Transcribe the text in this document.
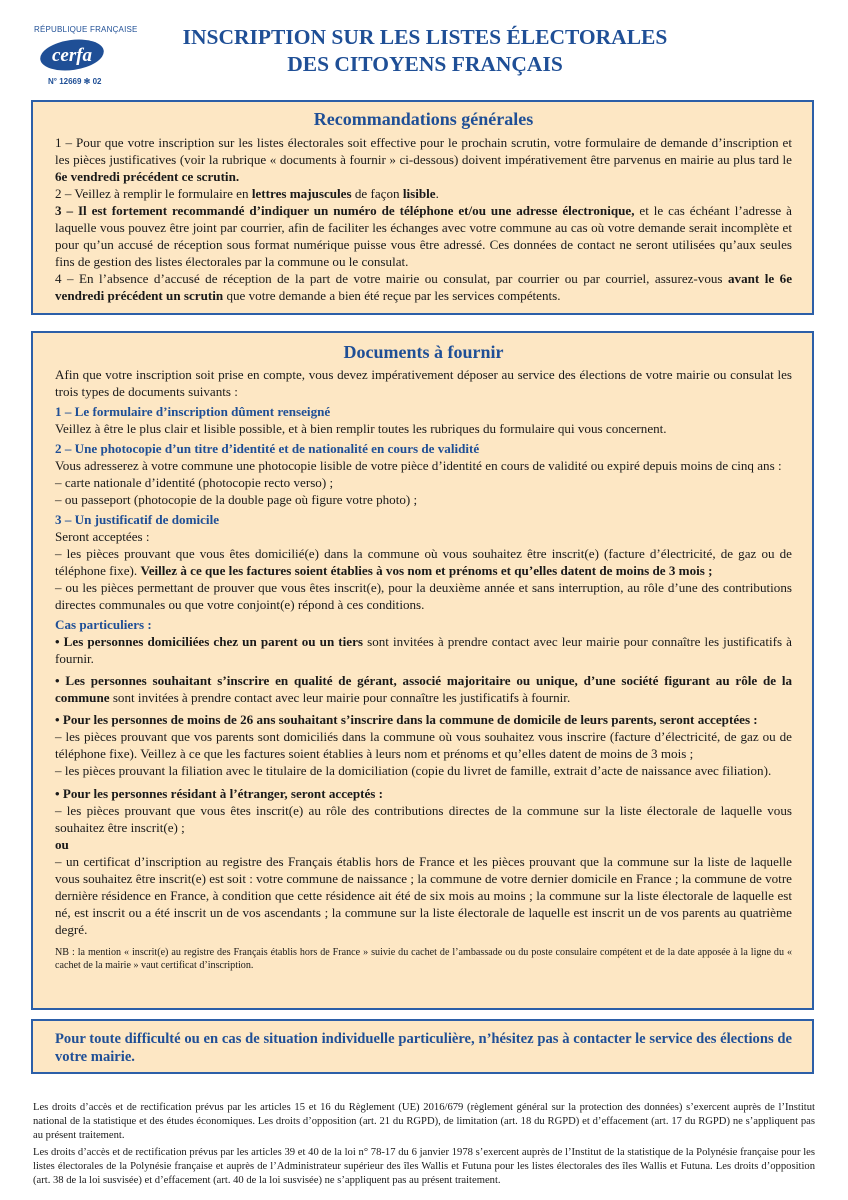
RÉPUBLIQUE FRANÇAISE
cerfa
N° 12669 ✻ 02
INSCRIPTION SUR LES LISTES ÉLECTORALES
DES CITOYENS FRANÇAIS
Recommandations générales

1 – Pour que votre inscription sur les listes électorales soit effective pour le prochain scrutin, votre formulaire de demande d’inscription et les pièces justificatives (voir la rubrique « documents à fournir » ci-dessous) doivent impérativement être parvenus en mairie au plus tard le 6e vendredi précédent ce scrutin.

2 – Veillez à remplir le formulaire en lettres majuscules de façon lisible.

3 – Il est fortement recommandé d’indiquer un numéro de téléphone et/ou une adresse électronique, et le cas échéant l’adresse à laquelle vous pouvez être joint par courrier, afin de faciliter les échanges avec votre commune au cas où votre demande serait incomplète et pour qu’un accusé de réception sous format numérique puisse vous être adressé. Ces données de contact ne seront utilisées qu’aux seules fins de gestion des listes électorales par la commune ou le consulat.

4 – En l’absence d’accusé de réception de la part de votre mairie ou consulat, par courrier ou par courriel, assurez-vous avant le 6e vendredi précédent un scrutin que votre demande a bien été reçue par les services compétents.

Documents à fournir

Afin que votre inscription soit prise en compte, vous devez impérativement déposer au service des élections de votre mairie ou consulat les trois types de documents suivants :

1 – Le formulaire d’inscription dûment renseigné

Veillez à être le plus clair et lisible possible, et à bien remplir toutes les rubriques du formulaire qui vous concernent.

2 – Une photocopie d’un titre d’identité et de nationalité en cours de validité

Vous adresserez à votre commune une photocopie lisible de votre pièce d’identité en cours de validité ou expiré depuis moins de cinq ans :

– carte nationale d’identité (photocopie recto verso) ;

– ou passeport (photocopie de la double page où figure votre photo) ;

3 – Un justificatif de domicile

Seront acceptées :

– les pièces prouvant que vous êtes domicilié(e) dans la commune où vous souhaitez être inscrit(e) (facture d’électricité, de gaz ou de téléphone fixe). Veillez à ce que les factures soient établies à vos nom et prénoms et qu’elles datent de moins de 3 mois ;

– ou les pièces permettant de prouver que vous êtes inscrit(e), pour la deuxième année et sans interruption, au rôle d’une des contributions directes communales ou que votre conjoint(e) répond à ces conditions.

Cas particuliers :

• Les personnes domiciliées chez un parent ou un tiers sont invitées à prendre contact avec leur mairie pour connaître les justificatifs à fournir.

• Les personnes souhaitant s’inscrire en qualité de gérant, associé majoritaire ou unique, d’une société figurant au rôle de la commune sont invitées à prendre contact avec leur mairie pour connaître les justificatifs à fournir.

• Pour les personnes de moins de 26 ans souhaitant s’inscrire dans la commune de domicile de leurs parents, seront acceptées :

– les pièces prouvant que vos parents sont domiciliés dans la commune où vous souhaitez vous inscrire (facture d’électricité, de gaz ou de téléphone fixe). Veillez à ce que les factures soient établies à leurs nom et prénoms et qu’elles datent de moins de 3 mois ;

– les pièces prouvant la filiation avec le titulaire de la domiciliation (copie du livret de famille, extrait d’acte de naissance avec filiation).

• Pour les personnes résidant à l’étranger, seront acceptés :

– les pièces prouvant que vous êtes inscrit(e) au rôle des contributions directes de la commune sur la liste électorale de laquelle vous souhaitez être inscrit(e) ;

ou

– un certificat d’inscription au registre des Français établis hors de France et les pièces prouvant que la commune sur la liste de laquelle vous souhaitez être inscrit(e) est soit : votre commune de naissance ; la commune de votre dernier domicile en France ; la commune de votre dernière résidence en France, à condition que cette résidence ait été de six mois au moins ; la commune sur la liste électorale de laquelle est né, est inscrit ou a été inscrit un de vos ascendants ; la commune sur la liste électorale de laquelle est inscrit un de vos parents au quatrième degré.

NB : la mention « inscrit(e) au registre des Français établis hors de France » suivie du cachet de l’ambassade ou du poste consulaire compétent et de la date apposée à la ligne du « cachet de la mairie » vaut certificat d’inscription.

Pour toute difficulté ou en cas de situation individuelle particulière, n’hésitez pas à contacter le service des élections de votre mairie.

Les droits d’accès et de rectification prévus par les articles 15 et 16 du Règlement (UE) 2016/679 (règlement général sur la protection des données) s’exercent auprès de l’Institut national de la statistique et des études économiques. Les droits d’opposition (art. 21 du RGPD), de limitation (art. 18 du RGPD) et d’effacement (art. 17 du RGPD) ne s’appliquent pas au présent traitement.

Les droits d’accès et de rectification prévus par les articles 39 et 40 de la loi n° 78-17 du 6 janvier 1978 s’exercent auprès de l’Institut de la statistique de la Polynésie française pour les listes électorales de la Polynésie française et auprès de l’Administrateur supérieur des îles Wallis et Futuna pour les listes électorales des îles Wallis et Futuna. Les droits d’opposition (art. 38 de la loi susvisée) et d’effacement (art. 40 de la loi susvisée) ne s’appliquent pas au présent traitement.
